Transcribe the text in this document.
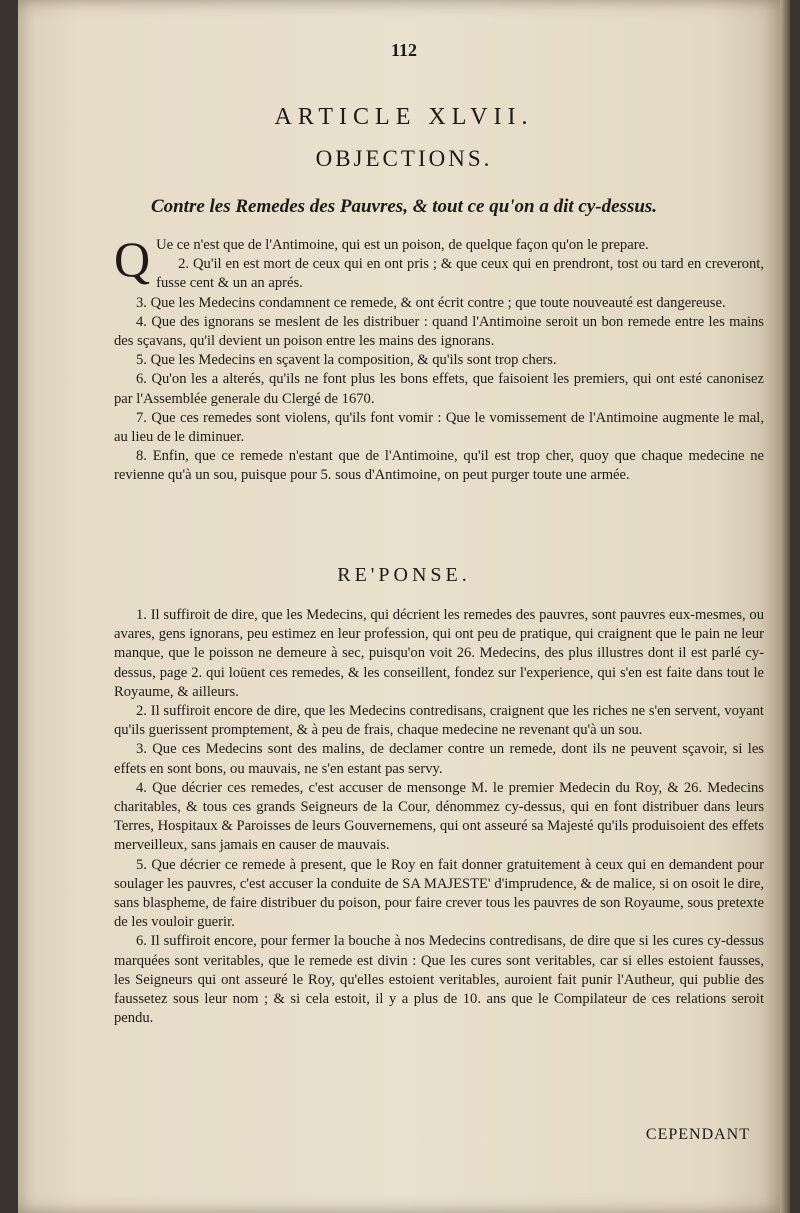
112
ARTICLE XLVII.
OBJECTIONS.
Contre les Remedes des Pauvres, & tout ce qu'on a dit cy-dessus.

Q Ue ce n'est que de l'Antimoine, qui est un poison, de quelque façon qu'on le prepare.

2. Qu'il en est mort de ceux qui en ont pris ; & que ceux qui en prendront, tost ou tard en creveront, fusse cent & un an aprés.

3. Que les Medecins condamnent ce remede, & ont écrit contre ; que toute nouveauté est dangereuse.

4. Que des ignorans se meslent de les distribuer : quand l'Antimoine seroit un bon remede entre les mains des sçavans, qu'il devient un poison entre les mains des ignorans.

5. Que les Medecins en sçavent la composition, & qu'ils sont trop chers.

6. Qu'on les a alterés, qu'ils ne font plus les bons effets, que faisoient les premiers, qui ont esté canonisez par l'Assemblée generale du Clergé de 1670.

7. Que ces remedes sont violens, qu'ils font vomir : Que le vomissement de l'Antimoine augmente le mal, au lieu de le diminuer.

8. Enfin, que ce remede n'estant que de l'Antimoine, qu'il est trop cher, quoy que chaque medecine ne revienne qu'à un sou, puisque pour 5. sous d'Antimoine, on peut purger toute une armée.

RE'PONSE.

1. Il suffiroit de dire, que les Medecins, qui décrient les remedes des pauvres, sont pauvres eux-mesmes, ou avares, gens ignorans, peu estimez en leur profession, qui ont peu de pratique, qui craignent que le pain ne leur manque, que le poisson ne demeure à sec, puisqu'on voit 26. Medecins, des plus illustres dont il est parlé cy-dessus, page 2. qui loüent ces remedes, & les conseillent, fondez sur l'experience, qui s'en est faite dans tout le Royaume, & ailleurs.

2. Il suffiroit encore de dire, que les Medecins contredisans, craignent que les riches ne s'en servent, voyant qu'ils guerissent promptement, & à peu de frais, chaque medecine ne revenant qu'à un sou.

3. Que ces Medecins sont des malins, de declamer contre un remede, dont ils ne peuvent sçavoir, si les effets en sont bons, ou mauvais, ne s'en estant pas servy.

4. Que décrier ces remedes, c'est accuser de mensonge M. le premier Medecin du Roy, & 26. Medecins charitables, & tous ces grands Seigneurs de la Cour, dénommez cy-dessus, qui en font distribuer dans leurs Terres, Hospitaux & Paroisses de leurs Gouvernemens, qui ont asseuré sa Majesté qu'ils produisoient des effets merveilleux, sans jamais en causer de mauvais.

5. Que décrier ce remede à present, que le Roy en fait donner gratuitement à ceux qui en demandent pour soulager les pauvres, c'est accuser la conduite de SA MAJESTE' d'imprudence, & de malice, si on osoit le dire, sans blasphemе, de faire distribuer du poison, pour faire crever tous les pauvres de son Royaume, sous pretexte de les vouloir guerir.

6. Il suffiroit encore, pour fermer la bouche à nos Medecins contredisans, de dire que si les cures cy-dessus marquées sont veritables, que le remede est divin : Que les cures sont veritables, car si elles estoient fausses, les Seigneurs qui ont asseuré le Roy, qu'elles estoient veritables, auroient fait punir l'Autheur, qui publie des faussetez sous leur nom ; & si cela estoit, il y a plus de 10. ans que le Compilateur de ces relations seroit pendu.

CEPENDANT
